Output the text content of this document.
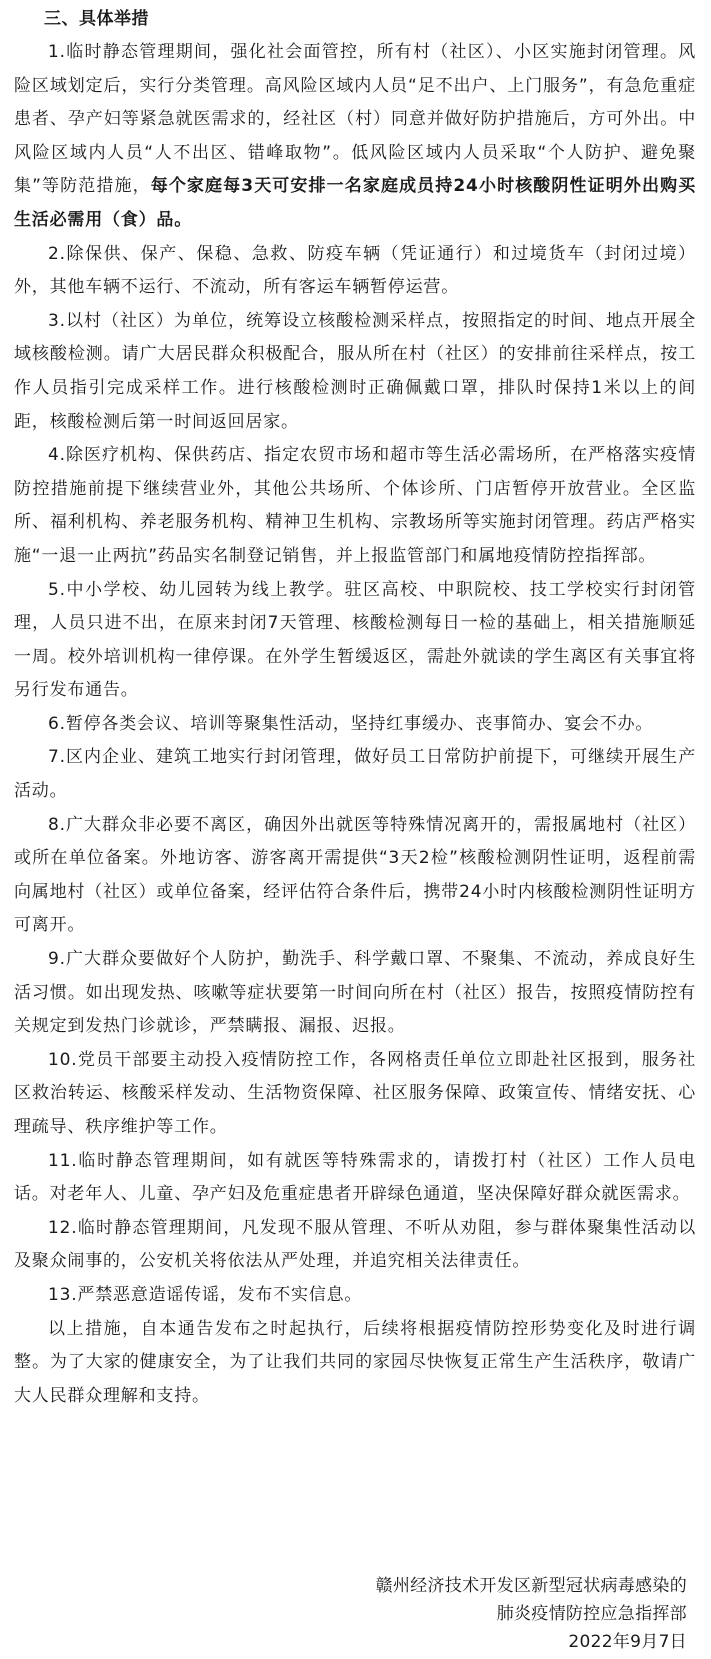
三、具体举措

1.临时静态管理期间，强化社会面管控，所有村（社区）、小区实施封闭管理。风险区域划定后，实行分类管理。高风险区域内人员“足不出户、上门服务”，有急危重症患者、孕产妇等紧急就医需求的，经社区（村）同意并做好防护措施后，方可外出。中风险区域内人员“人不出区、错峰取物”。低风险区域内人员采取“个人防护、避免聚集”等防范措施，每个家庭每3天可安排一名家庭成员持24小时核酸阴性证明外出购买生活必需用（食）品。

2.除保供、保产、保稳、急救、防疫车辆（凭证通行）和过境货车（封闭过境）外，其他车辆不运行、不流动，所有客运车辆暂停运营。

3.以村（社区）为单位，统筹设立核酸检测采样点，按照指定的时间、地点开展全域核酸检测。请广大居民群众积极配合，服从所在村（社区）的安排前往采样点，按工作人员指引完成采样工作。进行核酸检测时正确佩戴口罩，排队时保持1米以上的间距，核酸检测后第一时间返回居家。

4.除医疗机构、保供药店、指定农贸市场和超市等生活必需场所，在严格落实疫情防控措施前提下继续营业外，其他公共场所、个体诊所、门店暂停开放营业。全区监所、福利机构、养老服务机构、精神卫生机构、宗教场所等实施封闭管理。药店严格实施“一退一止两抗”药品实名制登记销售，并上报监管部门和属地疫情防控指挥部。

5.中小学校、幼儿园转为线上教学。驻区高校、中职院校、技工学校实行封闭管理，人员只进不出，在原来封闭7天管理、核酸检测每日一检的基础上，相关措施顺延一周。校外培训机构一律停课。在外学生暂缓返区，需赴外就读的学生离区有关事宜将另行发布通告。

6.暂停各类会议、培训等聚集性活动，坚持红事缓办、丧事简办、宴会不办。

7.区内企业、建筑工地实行封闭管理，做好员工日常防护前提下，可继续开展生产活动。

8.广大群众非必要不离区，确因外出就医等特殊情况离开的，需报属地村（社区）或所在单位备案。外地访客、游客离开需提供“3天2检”核酸检测阴性证明，返程前需向属地村（社区）或单位备案，经评估符合条件后，携带24小时内核酸检测阴性证明方可离开。

9.广大群众要做好个人防护，勤洗手、科学戴口罩、不聚集、不流动，养成良好生活习惯。如出现发热、咳嗽等症状要第一时间向所在村（社区）报告，按照疫情防控有关规定到发热门诊就诊，严禁瞒报、漏报、迟报。

10.党员干部要主动投入疫情防控工作，各网格责任单位立即赴社区报到，服务社区救治转运、核酸采样发动、生活物资保障、社区服务保障、政策宣传、情绪安抚、心理疏导、秩序维护等工作。

11.临时静态管理期间，如有就医等特殊需求的，请拨打村（社区）工作人员电话。对老年人、儿童、孕产妇及危重症患者开辟绿色通道，坚决保障好群众就医需求。

12.临时静态管理期间，凡发现不服从管理、不听从劝阻，参与群体聚集性活动以及聚众闹事的，公安机关将依法从严处理，并追究相关法律责任。

13.严禁恶意造谣传谣，发布不实信息。

以上措施，自本通告发布之时起执行，后续将根据疫情防控形势变化及时进行调整。为了大家的健康安全，为了让我们共同的家园尽快恢复正常生产生活秩序，敬请广大人民群众理解和支持。

赣州经济技术开发区新型冠状病毒感染的
肺炎疫情防控应急指挥部
2022年9月7日
